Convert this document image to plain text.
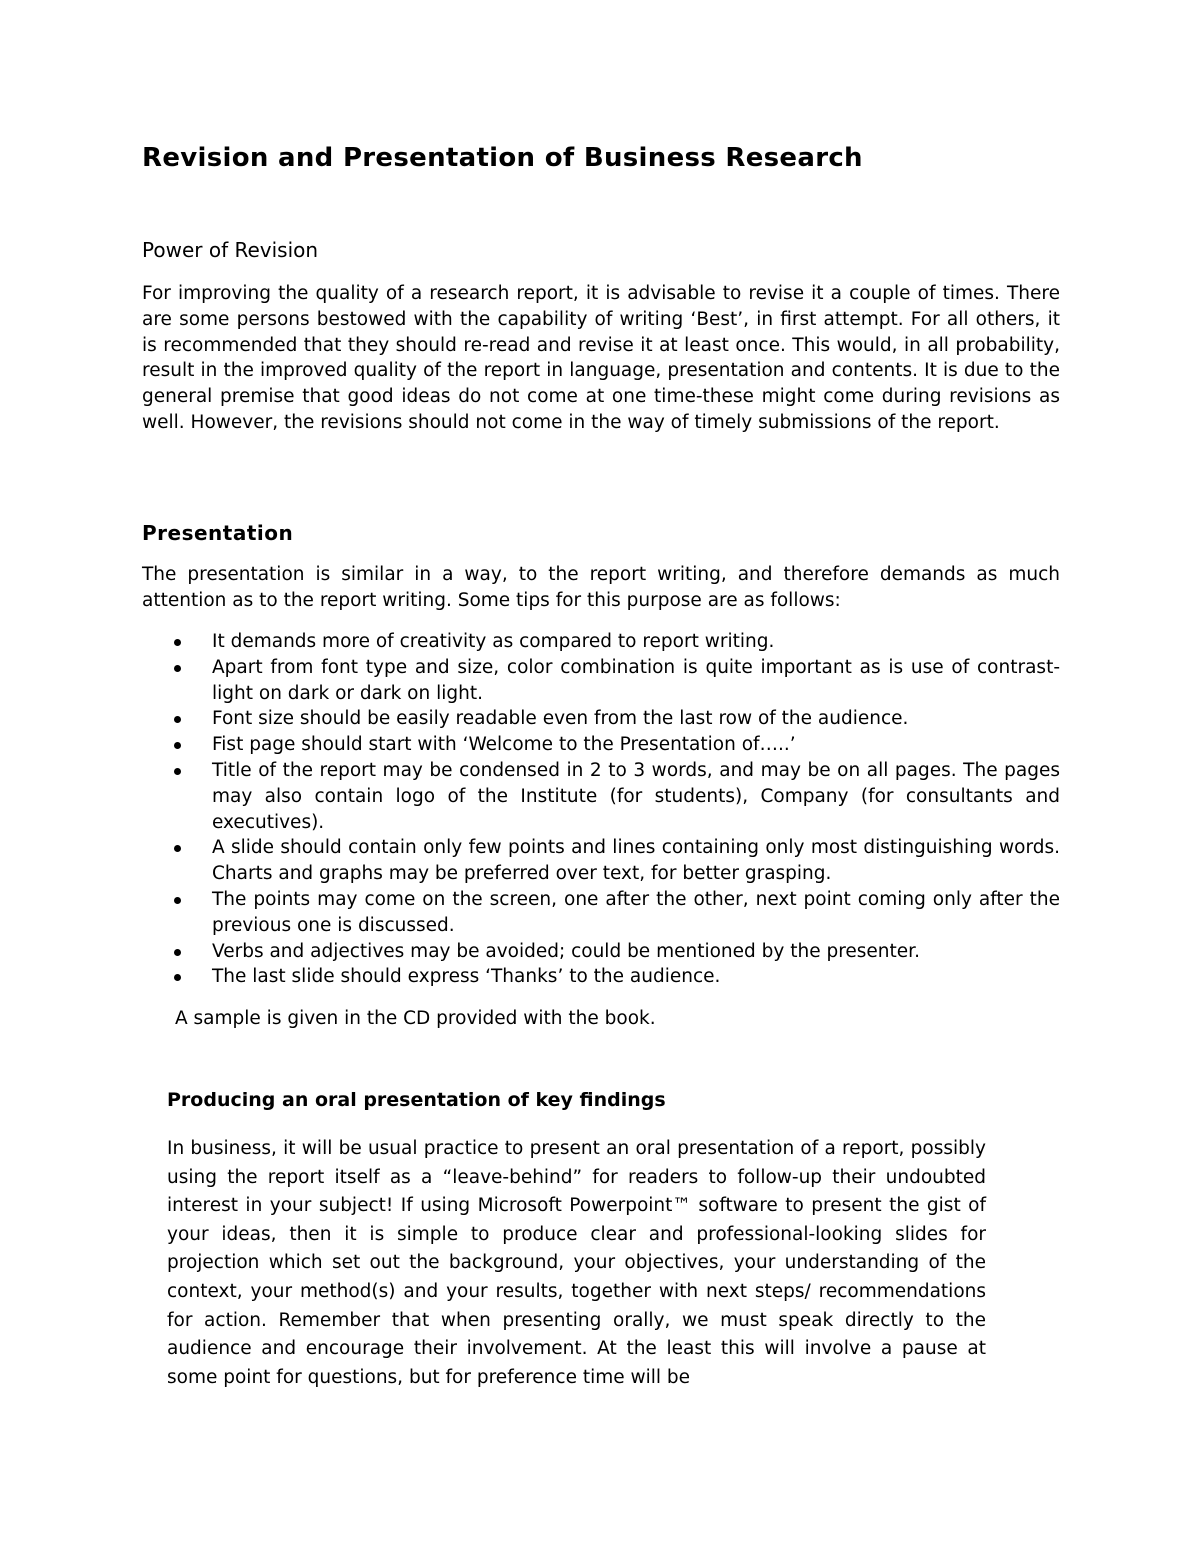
Revision and Presentation of Business Research
Power of Revision

For improving the quality of a research report, it is advisable to revise it a couple of times. There are some persons bestowed with the capability of writing ‘Best’, in first attempt. For all others, it is recommended that they should re-read and revise it at least once. This would, in all probability, result in the improved quality of the report in language, presentation and contents. It is due to the general premise that good ideas do not come at one time-these might come during revisions as well. However, the revisions should not come in the way of timely submissions of the report.

Presentation

The presentation is similar in a way, to the report writing, and therefore demands as much attention as to the report writing. Some tips for this purpose are as follows:

It demands more of creativity as compared to report writing.
Apart from font type and size, color combination is quite important as is use of contrast-light on dark or dark on light.
Font size should be easily readable even from the last row of the audience.
Fist page should start with ‘Welcome to the Presentation of…..’
Title of the report may be condensed in 2 to 3 words, and may be on all pages. The pages may also contain logo of the Institute (for students), Company (for consultants and executives).
A slide should contain only few points and lines containing only most distinguishing words. Charts and graphs may be preferred over text, for better grasping.
The points may come on the screen, one after the other, next point coming only after the previous one is discussed.
Verbs and adjectives may be avoided; could be mentioned by the presenter.
The last slide should express ‘Thanks’ to the audience.

A sample is given in the CD provided with the book.

Producing an oral presentation of key findings

In business, it will be usual practice to present an oral presentation of a report, possibly using the report itself as a “leave-behind” for readers to follow-up their undoubted interest in your subject! If using Microsoft Powerpoint™ software to present the gist of your ideas, then it is simple to produce clear and professional-looking slides for projection which set out the background, your objectives, your understanding of the context, your method(s) and your results, together with next steps/ recommendations for action. Remember that when presenting orally, we must speak directly to the audience and encourage their involvement. At the least this will involve a pause at some point for questions, but for preference time will be
